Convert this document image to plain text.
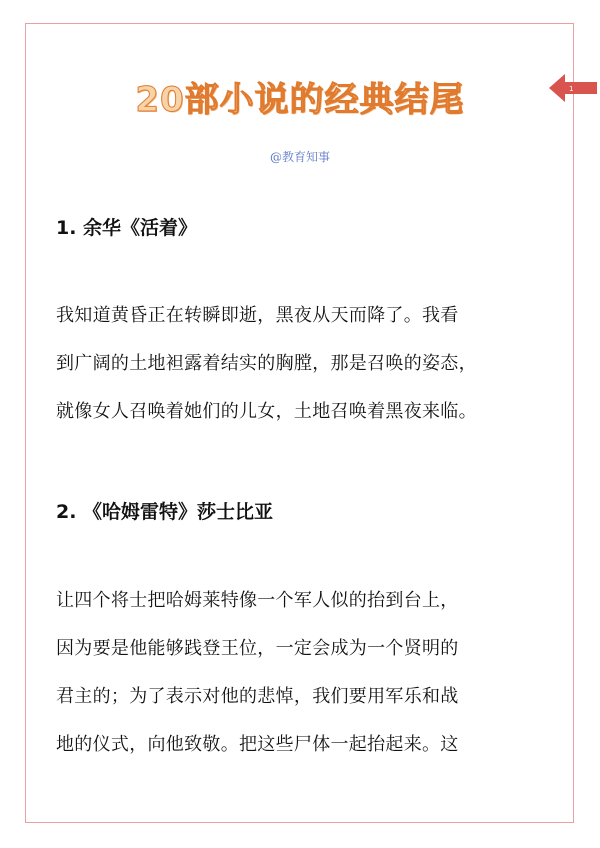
20部小说的经典结尾	1
@教育知事
1. 余华《活着》
我知道黄昏正在转瞬即逝，黑夜从天而降了。我看
到广阔的土地袒露着结实的胸膛，那是召唤的姿态，
就像女人召唤着她们的儿女，土地召唤着黑夜来临。
2. 《哈姆雷特》莎士比亚
让四个将士把哈姆莱特像一个军人似的抬到台上，
因为要是他能够践登王位，一定会成为一个贤明的
君主的；为了表示对他的悲悼，我们要用军乐和战
地的仪式，向他致敬。把这些尸体一起抬起来。这
